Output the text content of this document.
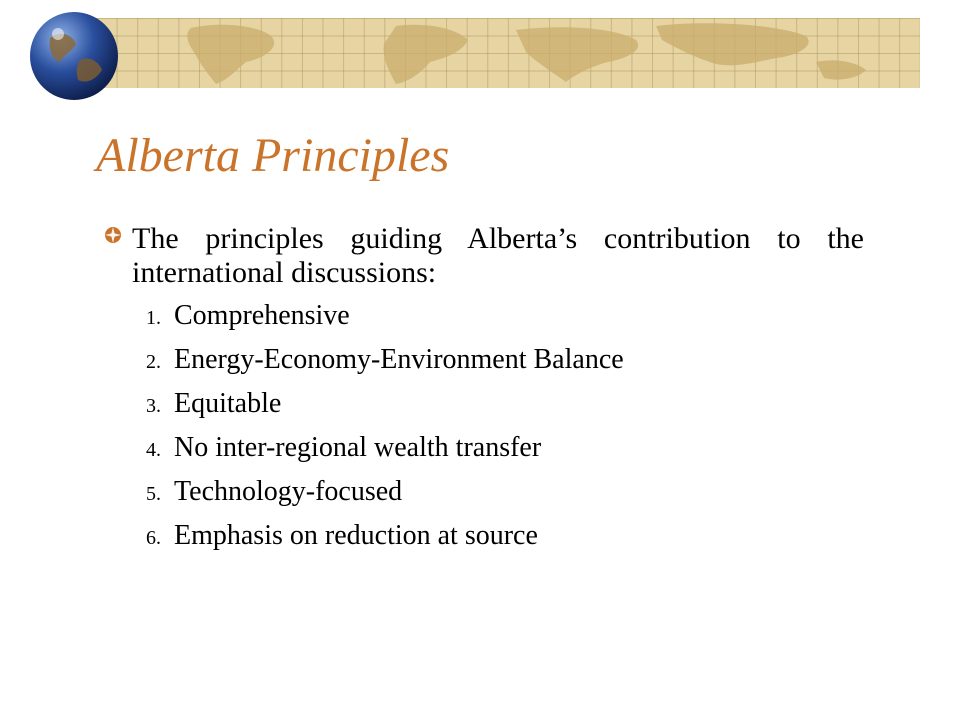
Alberta Principles
The principles guiding Alberta’s contribution to the international discussions:
1. Comprehensive
2. Energy-Economy-Environment Balance
3. Equitable
4. No inter-regional wealth transfer
5. Technology-focused
6. Emphasis on reduction at source
